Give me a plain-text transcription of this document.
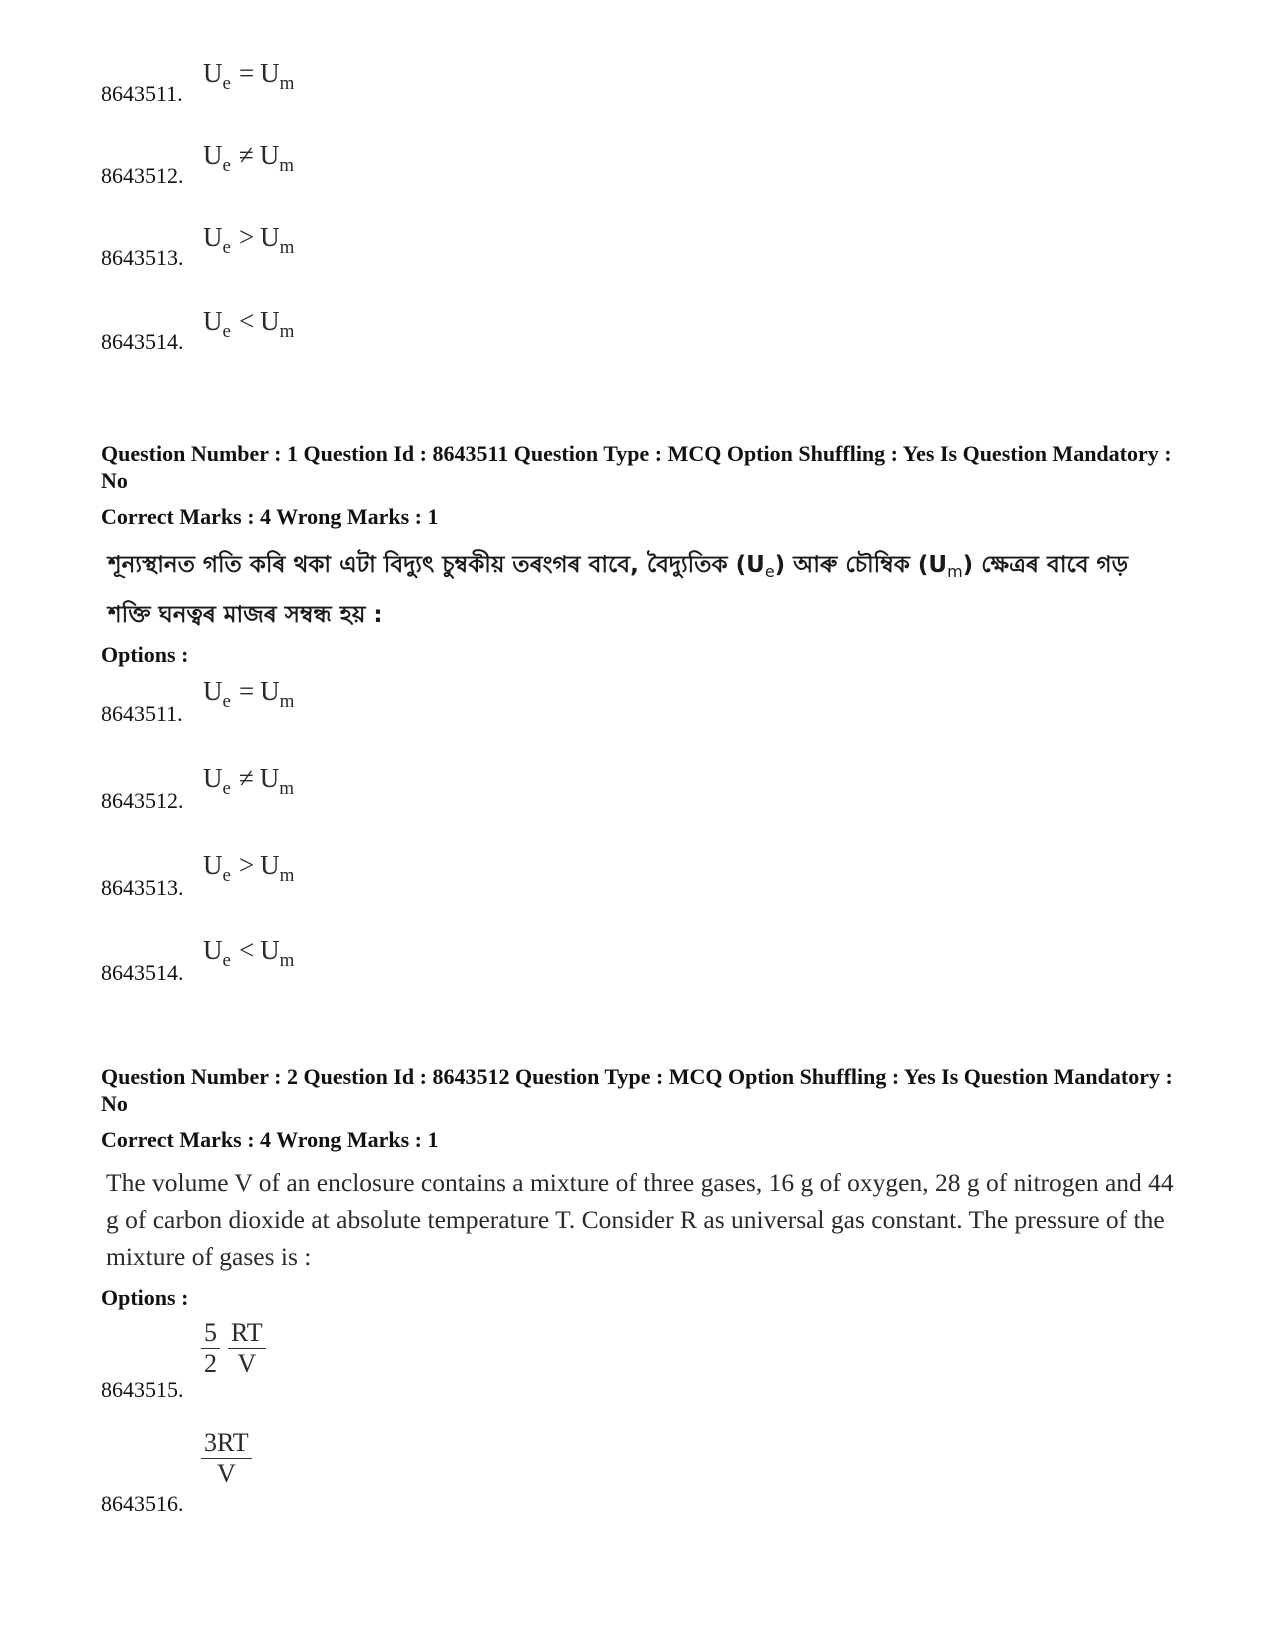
$U_e = U_m$
8643511.
$U_e \ne U_m$
8643512.
$U_e > U_m$
8643513.
$U_e < U_m$
8643514.
Question Number : 1 Question Id : 8643511 Question Type : MCQ Option Shuffling : Yes Is Question Mandatory : No
Correct Marks : 4 Wrong Marks : 1
শূন্যস্থানত গতি কৰি থকা এটা বিদ্যুৎ চুম্বকীয় তৰংগৰ বাবে, বৈদ্যুতিক $(U_e)$ আৰু চৌম্বিক $(U_m)$ ক্ষেত্ৰৰ বাবে গড় শক্তি ঘনত্বৰ মাজৰ সম্বন্ধ হয় :
Options :
$U_e = U_m$
8643511.
$U_e \ne U_m$
8643512.
$U_e > U_m$
8643513.
$U_e < U_m$
8643514.
Question Number : 2 Question Id : 8643512 Question Type : MCQ Option Shuffling : Yes Is Question Mandatory : No
Correct Marks : 4 Wrong Marks : 1
The volume V of an enclosure contains a mixture of three gases, 16 g of oxygen, 28 g of nitrogen and 44 g of carbon dioxide at absolute temperature T. Consider R as universal gas constant. The pressure of the mixture of gases is :
Options :
$\frac{5}{2} \frac{RT}{V}$
8643515.
$\frac{3RT}{V}$
8643516.
